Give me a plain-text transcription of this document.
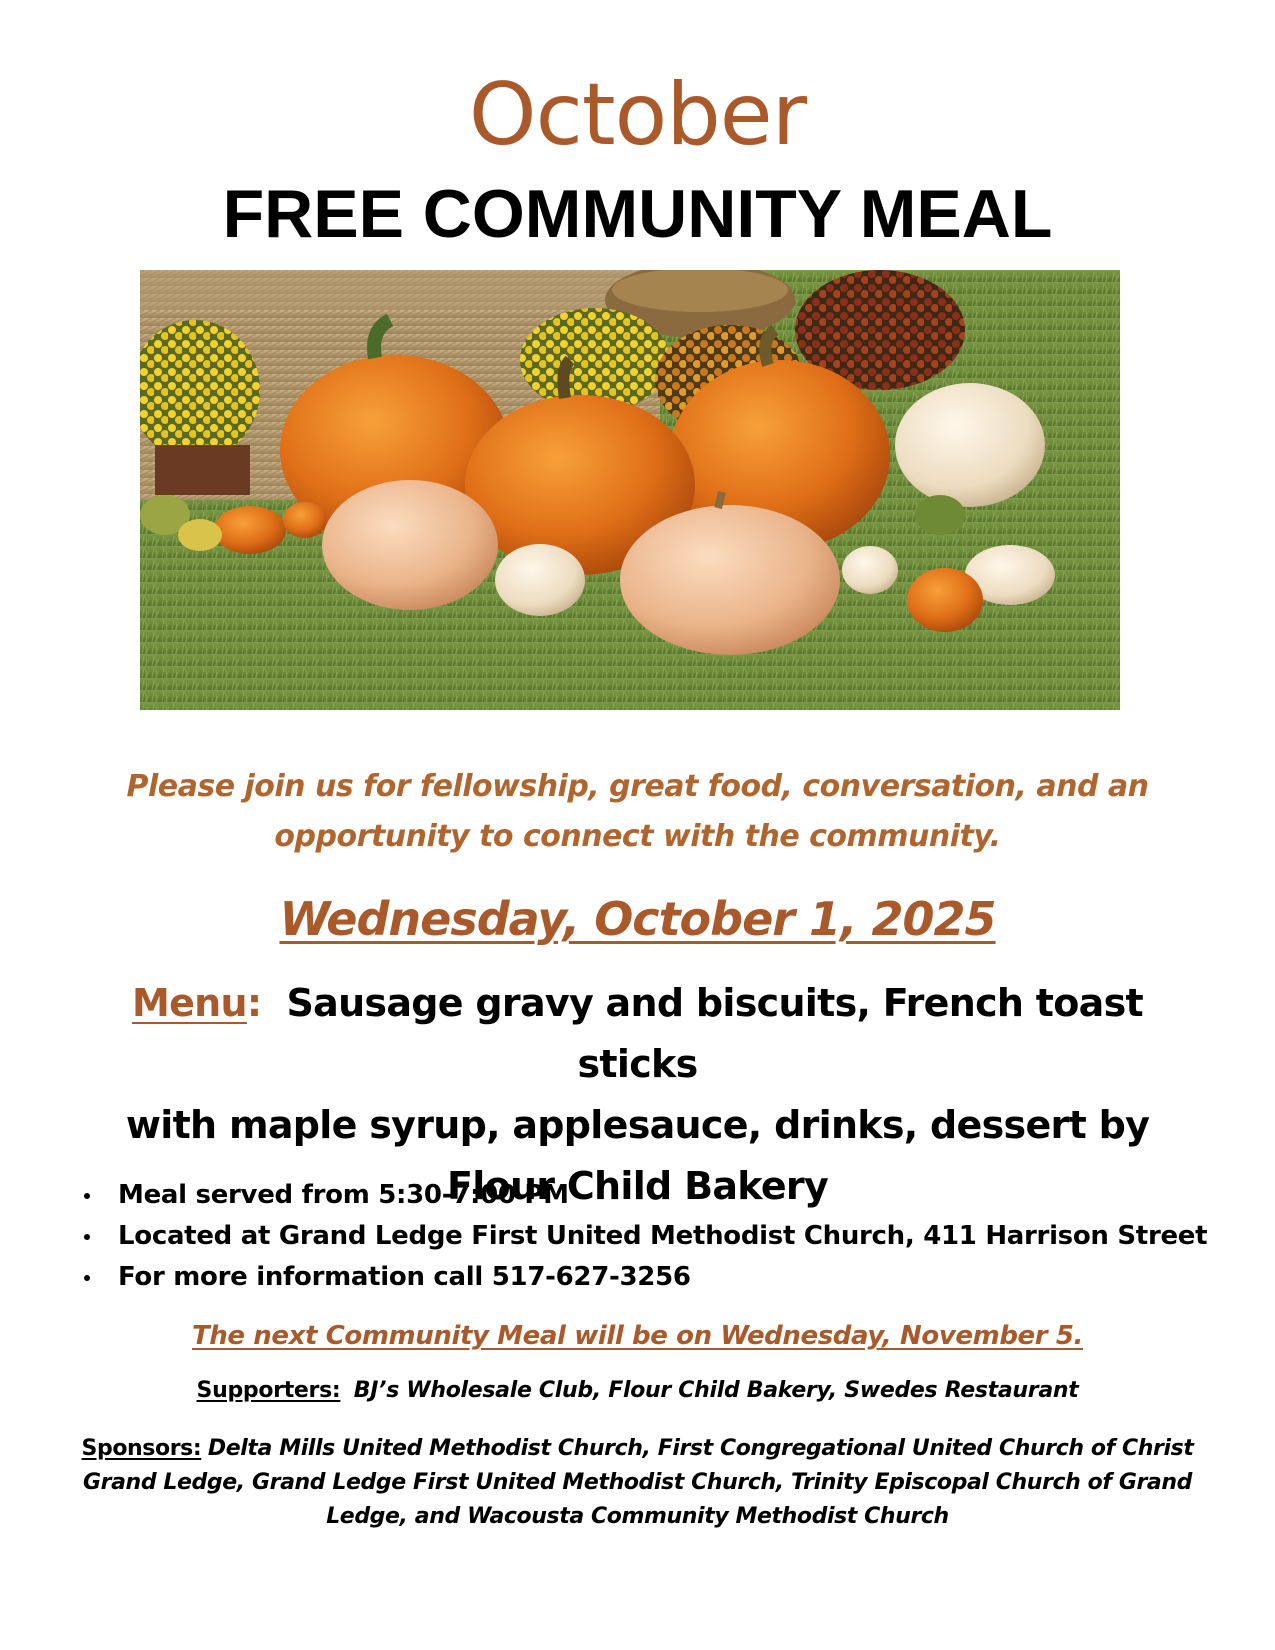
October
FREE COMMUNITY MEAL
Please join us for fellowship, great food, conversation, and an
opportunity to connect with the community.
Wednesday, October 1, 2025
Menu: Sausage gravy and biscuits, French toast sticks
with maple syrup, applesauce, drinks, dessert by
Flour Child Bakery
Meal served from 5:30-7:00 PM
Located at Grand Ledge First United Methodist Church, 411 Harrison Street
For more information call 517-627-3256
The next Community Meal will be on Wednesday, November 5.
Supporters: BJ’s Wholesale Club, Flour Child Bakery, Swedes Restaurant
Sponsors: Delta Mills United Methodist Church, First Congregational United Church of Christ
Grand Ledge, Grand Ledge First United Methodist Church, Trinity Episcopal Church of Grand
Ledge, and Wacousta Community Methodist Church
